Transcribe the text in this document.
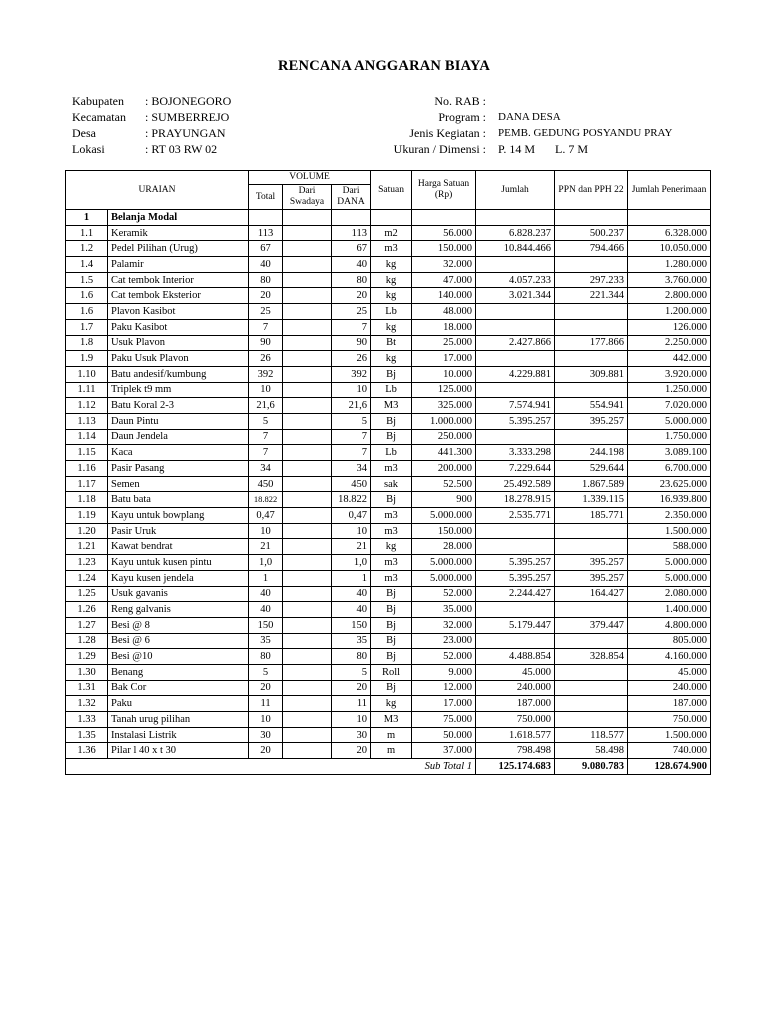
RENCANA ANGGARAN BIAYA
Kabupaten : BOJONEGORO
Kecamatan : SUMBERREJO
Desa	: PRAYUNGAN
Lokasi	: RT 03 RW 02
No. RAB :
Program :	DANA DESA
Jenis Kegiatan :	PEMB. GEDUNG POSYANDU PRAY
Ukuran / Dimensi :	P. 14 M L. 7 M
URAIAN		VOLUME			Satuan	Harga Satuan (Rp)	Jumlah	PPN dan PPH 22	Jumlah Penerimaan
		Total	Dari Swadaya	Dari DANA					
1	Belanja Modal								
1.1	Keramik	113		113	m2	56.000	6.828.237	500.237	6.328.000
1.2	Pedel Pilihan (Urug)	67		67	m3	150.000	10.844.466	794.466	10.050.000
1.4	Palamir	40		40	kg	32.000			1.280.000
1.5	Cat tembok Interior	80		80	kg	47.000	4.057.233	297.233	3.760.000
1.6	Cat tembok Eksterior	20		20	kg	140.000	3.021.344	221.344	2.800.000
1.6	Plavon Kasibot	25		25	Lb	48.000			1.200.000
1.7	Paku Kasibot	7		7	kg	18.000			126.000
1.8	Usuk Plavon	90		90	Bt	25.000	2.427.866	177.866	2.250.000
1.9	Paku Usuk Plavon	26		26	kg	17.000			442.000
1.10	Batu andesif/kumbung	392		392	Bj	10.000	4.229.881	309.881	3.920.000
1.11	Triplek t9 mm	10		10	Lb	125.000			1.250.000
1.12	Batu Koral 2-3	21,6		21,6	M3	325.000	7.574.941	554.941	7.020.000
1.13	Daun Pintu	5		5	Bj	1.000.000	5.395.257	395.257	5.000.000
1.14	Daun Jendela	7		7	Bj	250.000			1.750.000
1.15	Kaca	7		7	Lb	441.300	3.333.298	244.198	3.089.100
1.16	Pasir Pasang	34		34	m3	200.000	7.229.644	529.644	6.700.000
1.17	Semen	450		450	sak	52.500	25.492.589	1.867.589	23.625.000
1.18	Batu bata	18.822		18.822	Bj	900	18.278.915	1.339.115	16.939.800
1.19	Kayu untuk bowplang	0,47		0,47	m3	5.000.000	2.535.771	185.771	2.350.000
1.20	Pasir Uruk	10		10	m3	150.000			1.500.000
1.21	Kawat bendrat	21		21	kg	28.000			588.000
1.23	Kayu untuk kusen pintu	1,0		1,0	m3	5.000.000	5.395.257	395.257	5.000.000
1.24	Kayu kusen jendela	1		1	m3	5.000.000	5.395.257	395.257	5.000.000
1.25	Usuk gavanis	40		40	Bj	52.000	2.244.427	164.427	2.080.000
1.26	Reng galvanis	40		40	Bj	35.000			1.400.000
1.27	Besi @ 8	150		150	Bj	32.000	5.179.447	379.447	4.800.000
1.28	Besi @ 6	35		35	Bj	23.000			805.000
1.29	Besi @10	80		80	Bj	52.000	4.488.854	328.854	4.160.000
1.30	Benang	5		5	Roll	9.000	45.000		45.000
1.31	Bak Cor	20		20	Bj	12.000	240.000		240.000
1.32	Paku	11		11	kg	17.000	187.000		187.000
1.33	Tanah urug pilihan	10		10	M3	75.000	750.000		750.000
1.35	Instalasi Listrik	30		30	m	50.000	1.618.577	118.577	1.500.000
1.36	Pilar l 40 x t 30	20		20	m	37.000	798.498	58.498	740.000
						Sub Total 1	125.174.683	9.080.783	128.674.900
